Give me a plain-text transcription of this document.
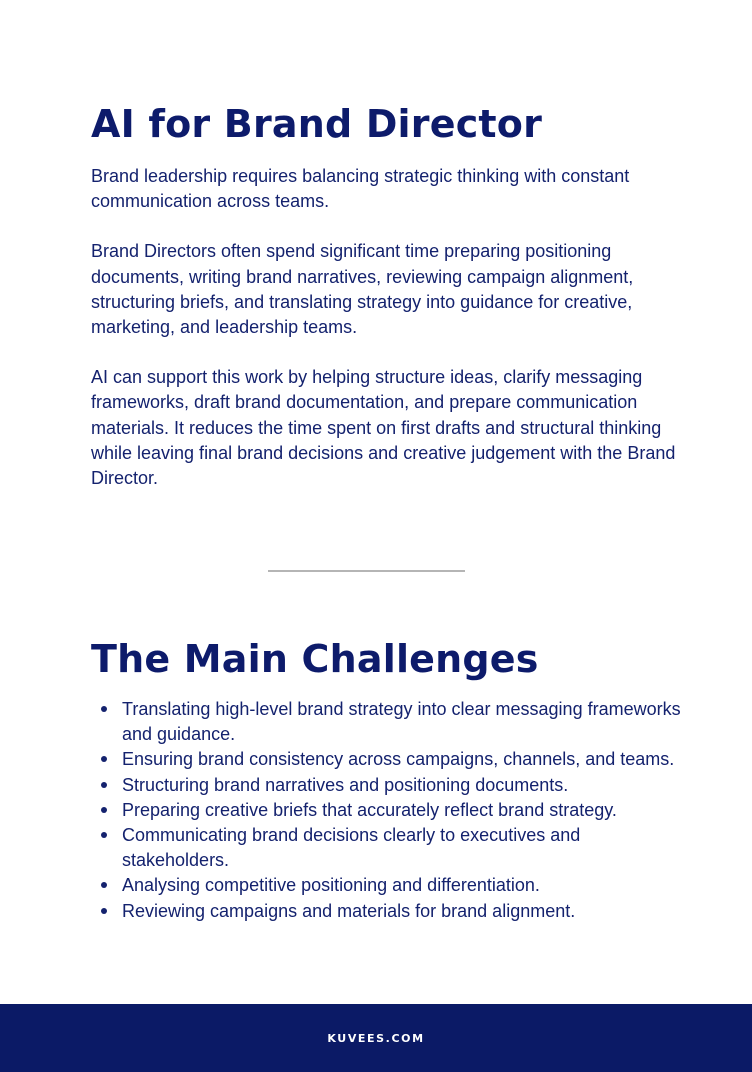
AI for Brand Director

Brand leadership requires balancing strategic thinking with constant communication across teams.

Brand Directors often spend significant time preparing positioning documents, writing brand narratives, reviewing campaign alignment, structuring briefs, and translating strategy into guidance for creative, marketing, and leadership teams.

AI can support this work by helping structure ideas, clarify messaging frameworks, draft brand documentation, and prepare communication materials. It reduces the time spent on first drafts and structural thinking while leaving final brand decisions and creative judgement with the Brand Director.

The Main Challenges
Translating high-level brand strategy into clear messaging frameworks and guidance.
Ensuring brand consistency across campaigns, channels, and teams.
Structuring brand narratives and positioning documents.
Preparing creative briefs that accurately reflect brand strategy.
Communicating brand decisions clearly to executives and stakeholders.
Analysing competitive positioning and differentiation.
Reviewing campaigns and materials for brand alignment.
KUVEES.COM
